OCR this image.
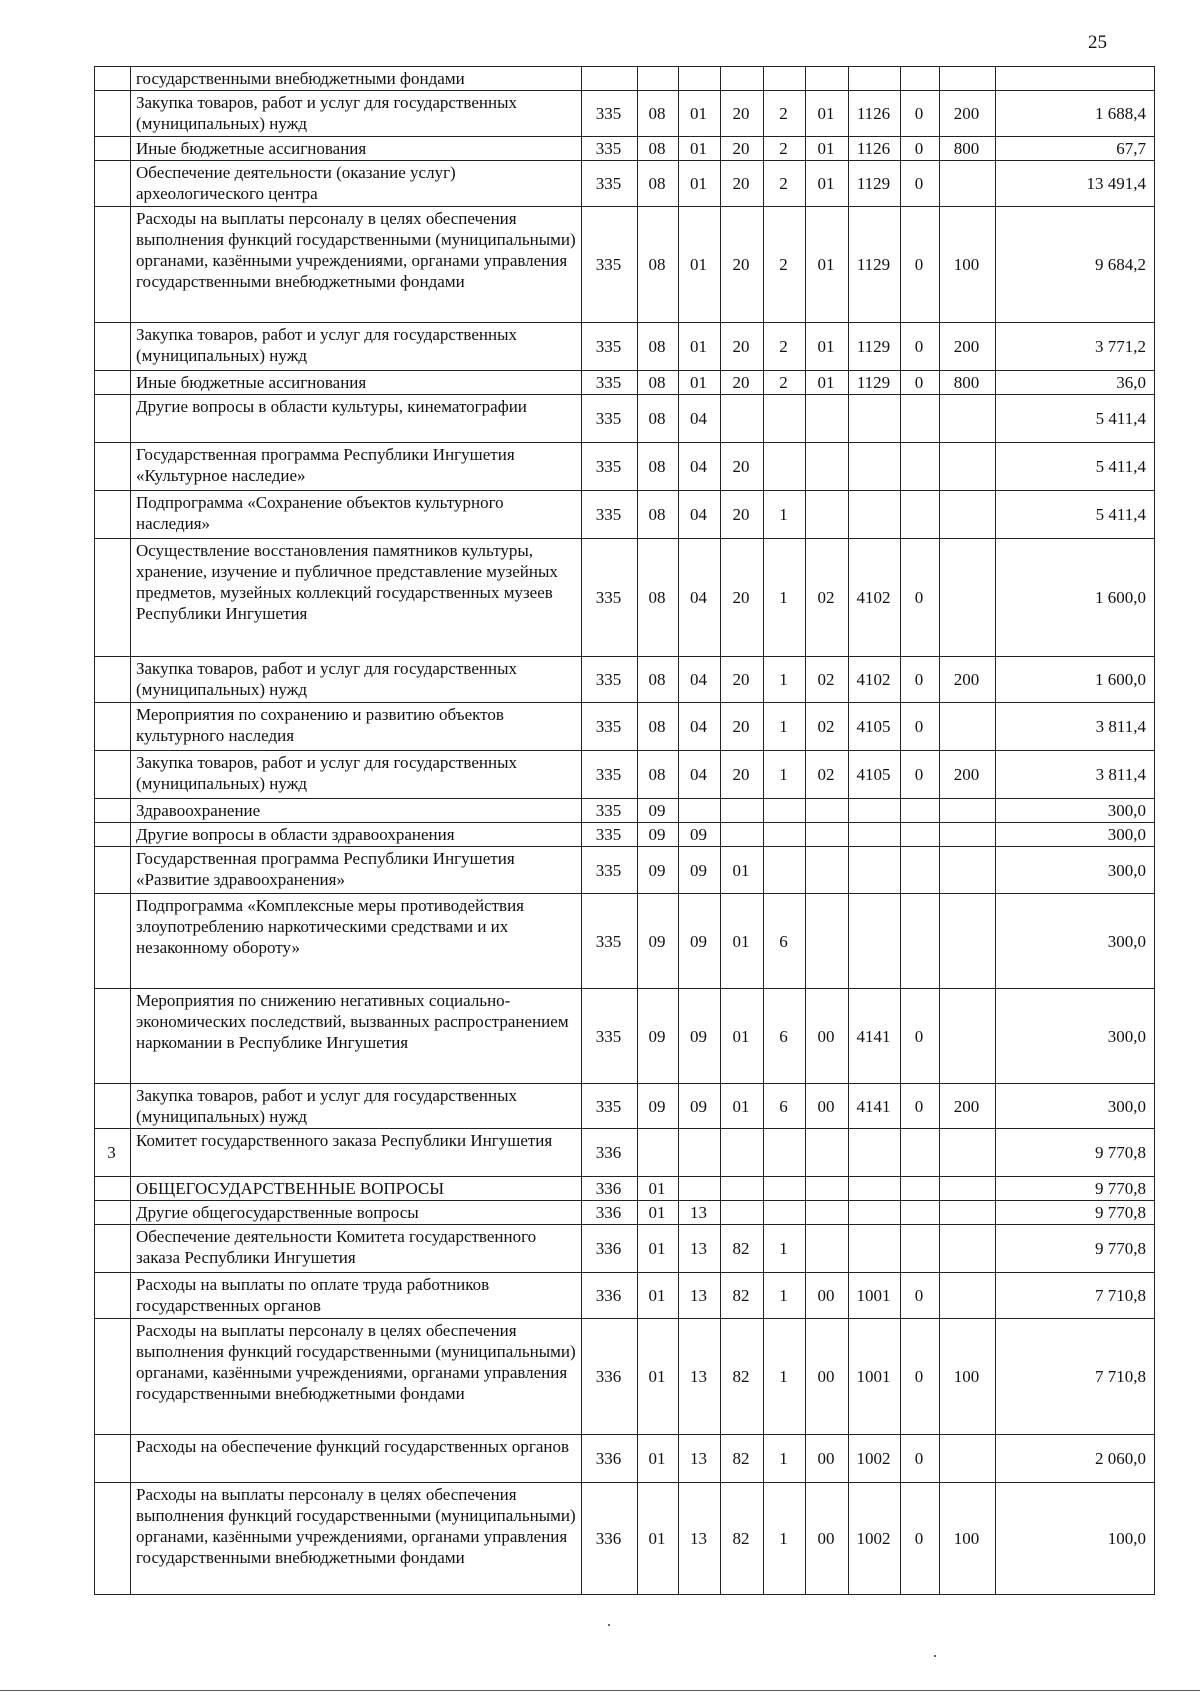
25
	государственными внебюджетными фондами										
	Закупка товаров, работ и услуг для государственных (муниципальных) нужд	335	08	01	20	2	01	1126	0	200	1 688,4
	Иные бюджетные ассигнования	335	08	01	20	2	01	1126	0	800	67,7
	Обеспечение деятельности (оказание услуг) археологического центра	335	08	01	20	2	01	1129	0		13 491,4
	Расходы на выплаты персоналу в целях обеспечения выполнения функций государственными (муниципальными) органами, казёнными учреждениями, органами управления государственными внебюджетными фондами	335	08	01	20	2	01	1129	0	100	9 684,2
	Закупка товаров, работ и услуг для государственных (муниципальных) нужд	335	08	01	20	2	01	1129	0	200	3 771,2
	Иные бюджетные ассигнования	335	08	01	20	2	01	1129	0	800	36,0
	Другие вопросы в области культуры, кинематографии	335	08	04							5 411,4
	Государственная программа Республики Ингушетия «Культурное наследие»	335	08	04	20						5 411,4
	Подпрограмма «Сохранение объектов культурного наследия»	335	08	04	20	1					5 411,4
	Осуществление восстановления памятников культуры, хранение, изучение и публичное представление музейных предметов, музейных коллекций государственных музеев Республики Ингушетия	335	08	04	20	1	02	4102	0		1 600,0
	Закупка товаров, работ и услуг для государственных (муниципальных) нужд	335	08	04	20	1	02	4102	0	200	1 600,0
	Мероприятия по сохранению и развитию объектов культурного наследия	335	08	04	20	1	02	4105	0		3 811,4
	Закупка товаров, работ и услуг для государственных (муниципальных) нужд	335	08	04	20	1	02	4105	0	200	3 811,4
	Здравоохранение	335	09								300,0
	Другие вопросы в области здравоохранения	335	09	09							300,0
	Государственная программа Республики Ингушетия «Развитие здравоохранения»	335	09	09	01						300,0
	Подпрограмма «Комплексные меры противодействия злоупотреблению наркотическими средствами и их незаконному обороту»	335	09	09	01	6					300,0
	Мероприятия по снижению негативных социально-экономических последствий, вызванных распространением наркомании в Республике Ингушетия	335	09	09	01	6	00	4141	0		300,0
	Закупка товаров, работ и услуг для государственных (муниципальных) нужд	335	09	09	01	6	00	4141	0	200	300,0
3	Комитет государственного заказа Республики Ингушетия	336									9 770,8
	ОБЩЕГОСУДАРСТВЕННЫЕ ВОПРОСЫ	336	01								9 770,8
	Другие общегосударственные вопросы	336	01	13							9 770,8
	Обеспечение деятельности Комитета государственного заказа Республики Ингушетия	336	01	13	82	1					9 770,8
	Расходы на выплаты по оплате труда работников государственных органов	336	01	13	82	1	00	1001	0		7 710,8
	Расходы на выплаты персоналу в целях обеспечения выполнения функций государственными (муниципальными) органами, казёнными учреждениями, органами управления государственными внебюджетными фондами	336	01	13	82	1	00	1001	0	100	7 710,8
	Расходы на обеспечение функций государственных органов	336	01	13	82	1	00	1002	0		2 060,0
	Расходы на выплаты персоналу в целях обеспечения выполнения функций государственными (муниципальными) органами, казёнными учреждениями, органами управления государственными внебюджетными фондами	336	01	13	82	1	00	1002	0	100	100,0
